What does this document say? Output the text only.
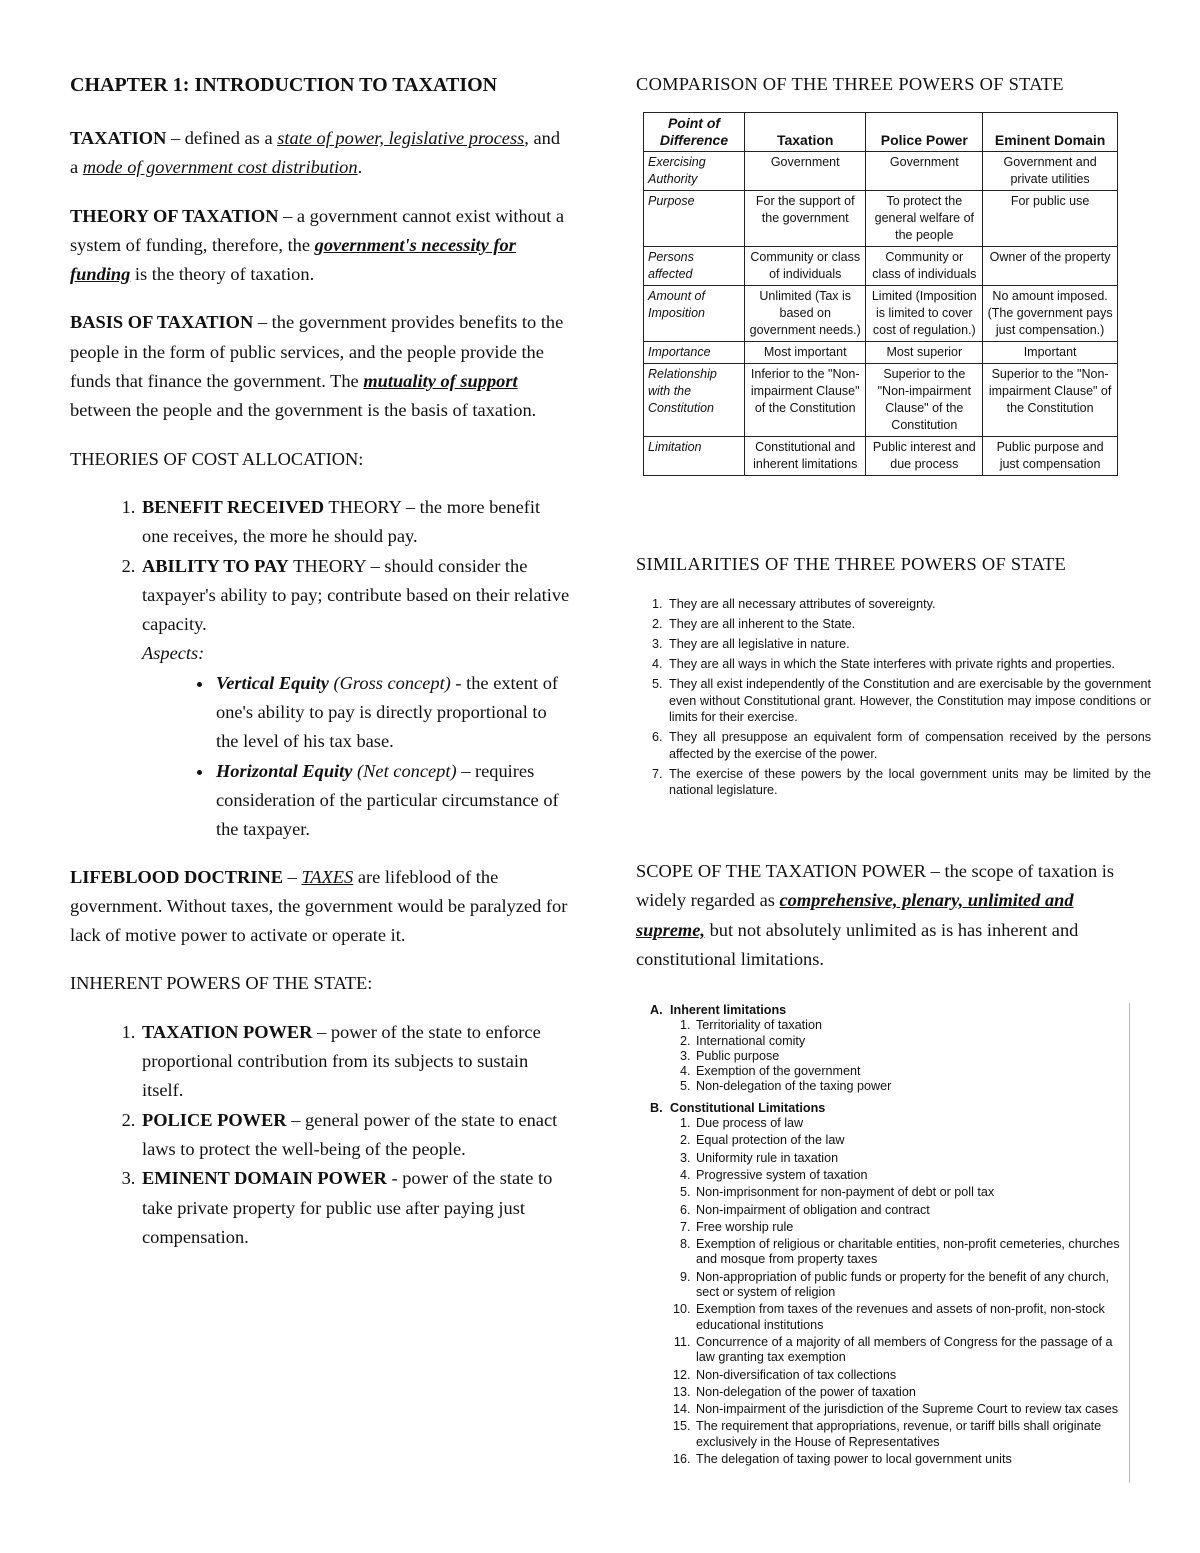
CHAPTER 1: INTRODUCTION TO TAXATION

TAXATION – defined as a state of power, legislative process, and a mode of government cost distribution.

THEORY OF TAXATION – a government cannot exist without a system of funding, therefore, the government's necessity for funding is the theory of taxation.

BASIS OF TAXATION – the government provides benefits to the people in the form of public services, and the people provide the funds that finance the government. The mutuality of support between the people and the government is the basis of taxation.

THEORIES OF COST ALLOCATION:

1. BENEFIT RECEIVED THEORY – the more benefit one receives, the more he should pay.
2. ABILITY TO PAY THEORY – should consider the taxpayer's ability to pay; contribute based on their relative capacity.
Aspects:
• Vertical Equity (Gross concept) - the extent of one's ability to pay is directly proportional to the level of his tax base.
• Horizontal Equity (Net concept) – requires consideration of the particular circumstance of the taxpayer.

LIFEBLOOD DOCTRINE – TAXES are lifeblood of the government. Without taxes, the government would be paralyzed for lack of motive power to activate or operate it.

INHERENT POWERS OF THE STATE:

1. TAXATION POWER – power of the state to enforce proportional contribution from its subjects to sustain itself.
2. POLICE POWER – general power of the state to enact laws to protect the well-being of the people.
3. EMINENT DOMAIN POWER - power of the state to take private property for public use after paying just compensation.

COMPARISON OF THE THREE POWERS OF STATE

Point of Difference	Taxation	Police Power	Eminent Domain
Exercising Authority	Government	Government	Government and private utilities
Purpose	For the support of the government	To protect the general welfare of the people	For public use
Persons affected	Community or class of individuals	Community or class of individuals	Owner of the property
Amount of Imposition	Unlimited (Tax is based on government needs.)	Limited (Imposition is limited to cover cost of regulation.)	No amount imposed. (The government pays just compensation.)
Importance	Most important	Most superior	Important
Relationship with the Constitution	Inferior to the "Non-impairment Clause" of the Constitution	Superior to the "Non-impairment Clause" of the Constitution	Superior to the "Non-impairment Clause" of the Constitution
Limitation	Constitutional and inherent limitations	Public interest and due process	Public purpose and just compensation

SIMILARITIES OF THE THREE POWERS OF STATE

1. They are all necessary attributes of sovereignty.
2. They are all inherent to the State.
3. They are all legislative in nature.
4. They are all ways in which the State interferes with private rights and properties.
5. They all exist independently of the Constitution and are exercisable by the government even without Constitutional grant. However, the Constitution may impose conditions or limits for their exercise.
6. They all presuppose an equivalent form of compensation received by the persons affected by the exercise of the power.
7. The exercise of these powers by the local government units may be limited by the national legislature.

SCOPE OF THE TAXATION POWER – the scope of taxation is widely regarded as comprehensive, plenary, unlimited and supreme, but not absolutely unlimited as is has inherent and constitutional limitations.

A. Inherent limitations

1. Territoriality of taxation
2. International comity
3. Public purpose
4. Exemption of the government
5. Non-delegation of the taxing power

B. Constitutional Limitations

1. Due process of law
2. Equal protection of the law
3. Uniformity rule in taxation
4. Progressive system of taxation
5. Non-imprisonment for non-payment of debt or poll tax
6. Non-impairment of obligation and contract
7. Free worship rule
8. Exemption of religious or charitable entities, non-profit cemeteries, churches and mosque from property taxes
9. Non-appropriation of public funds or property for the benefit of any church, sect or system of religion
10. Exemption from taxes of the revenues and assets of non-profit, non-stock educational institutions
11. Concurrence of a majority of all members of Congress for the passage of a law granting tax exemption
12. Non-diversification of tax collections
13. Non-delegation of the power of taxation
14. Non-impairment of the jurisdiction of the Supreme Court to review tax cases
15. The requirement that appropriations, revenue, or tariff bills shall originate exclusively in the House of Representatives
16. The delegation of taxing power to local government units
